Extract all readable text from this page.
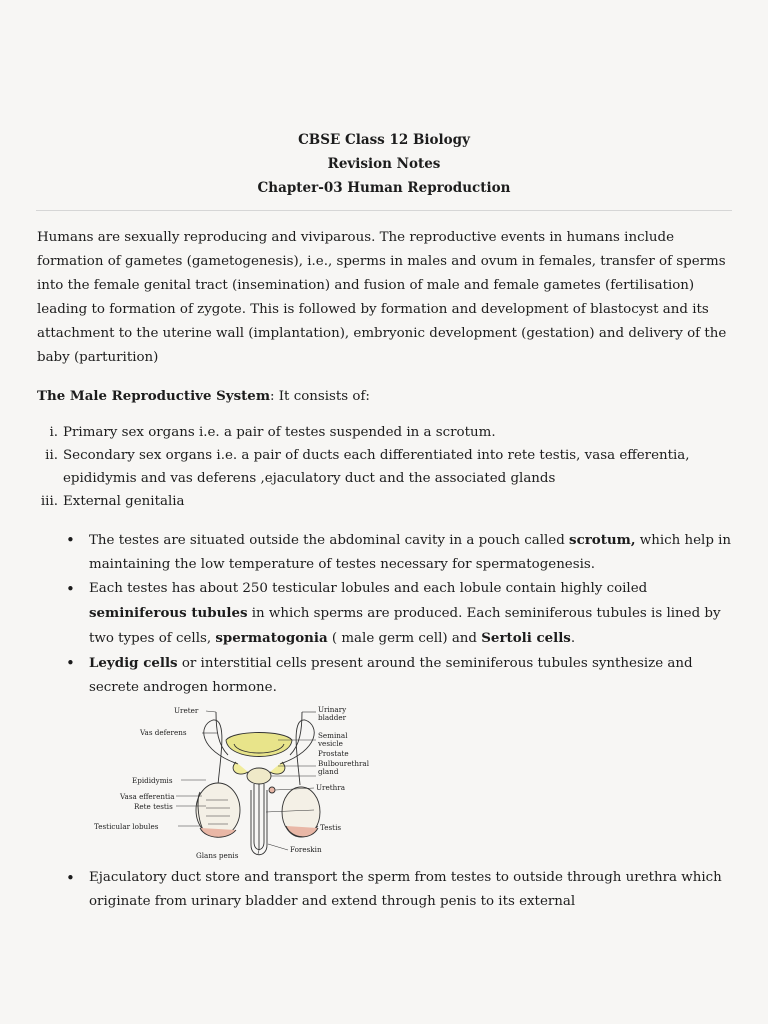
CBSE Class 12 Biology
Revision Notes
Chapter-03 Human Reproduction

Humans are sexually reproducing and viviparous. The reproductive events in humans include formation of gametes (gametogenesis), i.e., sperms in males and ovum in females, transfer of sperms into the female genital tract (insemination) and fusion of male and female gametes (fertilisation) leading to formation of zygote. This is followed by formation and development of blastocyst and its attachment to the uterine wall (implantation), embryonic development (gestation) and delivery of the baby (parturition)

The Male Reproductive System: It consists of:

i. Primary sex organs i.e. a pair of testes suspended in a scrotum.
ii. Secondary sex organs i.e. a pair of ducts each differentiated into rete testis, vasa efferentia, epididymis and vas deferens ,ejaculatory duct and the associated glands
iii. External genitalia
• The testes are situated outside the abdominal cavity in a pouch called scrotum, which help in maintaining the low temperature of testes necessary for spermatogenesis.
• Each testes has about 250 testicular lobules and each lobule contain highly coiled seminiferous tubules in which sperms are produced. Each seminiferous tubules is lined by two types of cells, spermatogonia ( male germ cell) and Sertoli cells.
• Leydig cells or interstitial cells present around the seminiferous tubules synthesize and secrete androgen hormone.
Ureter
Vas deferens
Epididymis
Vasa efferentia
Rete testis
Testicular lobules
Glans penis
Urinary
bladder
Seminal
vesicle
Prostate
Bulbourethral
gland
Urethra
Testis
Foreskin
• Ejaculatory duct store and transport the sperm from testes to outside through urethra which originate from urinary bladder and extend through penis to its external
